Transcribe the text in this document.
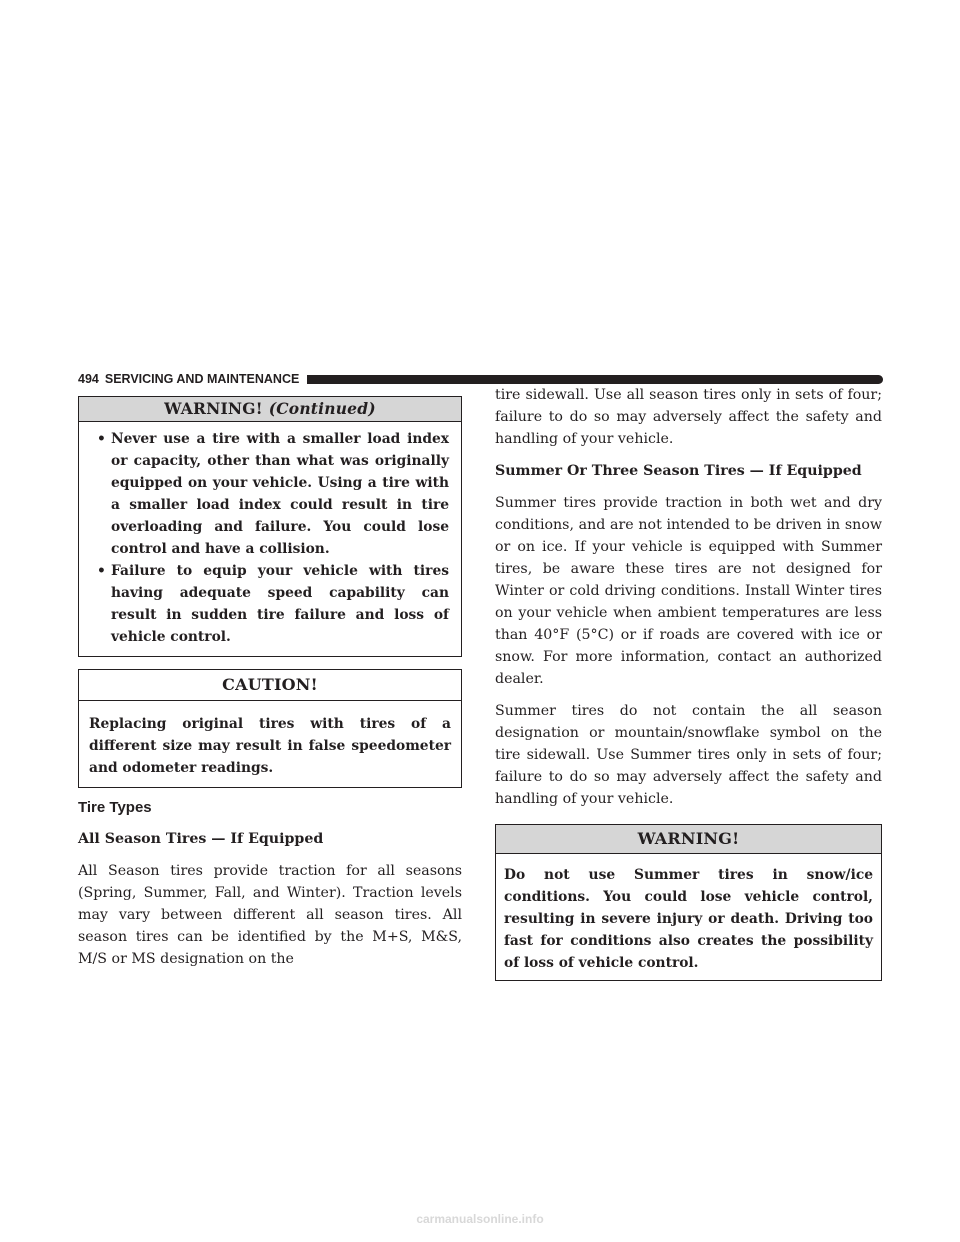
494 SERVICING AND MAINTENANCE
WARNING! (Continued)
• Never use a tire with a smaller load index or capacity, other than what was originally equipped on your vehicle. Using a tire with a smaller load index could result in tire overloading and failure. You could lose control and have a collision.
• Failure to equip your vehicle with tires having adequate speed capability can result in sudden tire failure and loss of vehicle control.
CAUTION!
Replacing original tires with tires of a different size may result in false speedometer and odometer readings.
Tire Types
All Season Tires — If Equipped

All Season tires provide traction for all seasons (Spring, Summer, Fall, and Winter). Traction levels may vary between different all season tires. All season tires can be identified by the M+S, M&S, M/S or MS designation on the

tire sidewall. Use all season tires only in sets of four; failure to do so may adversely affect the safety and handling of your vehicle.

Summer Or Three Season Tires — If Equipped

Summer tires provide traction in both wet and dry conditions, and are not intended to be driven in snow or on ice. If your vehicle is equipped with Summer tires, be aware these tires are not designed for Winter or cold driving conditions. Install Winter tires on your vehicle when ambient temperatures are less than 40°F (5°C) or if roads are covered with ice or snow. For more information, contact an authorized dealer.

Summer tires do not contain the all season designation or mountain/snowflake symbol on the tire sidewall. Use Summer tires only in sets of four; failure to do so may adversely affect the safety and handling of your vehicle.

WARNING!
Do not use Summer tires in snow/ice conditions. You could lose vehicle control, resulting in severe injury or death. Driving too fast for conditions also creates the possibility of loss of vehicle control.
carmanualsonline.info
